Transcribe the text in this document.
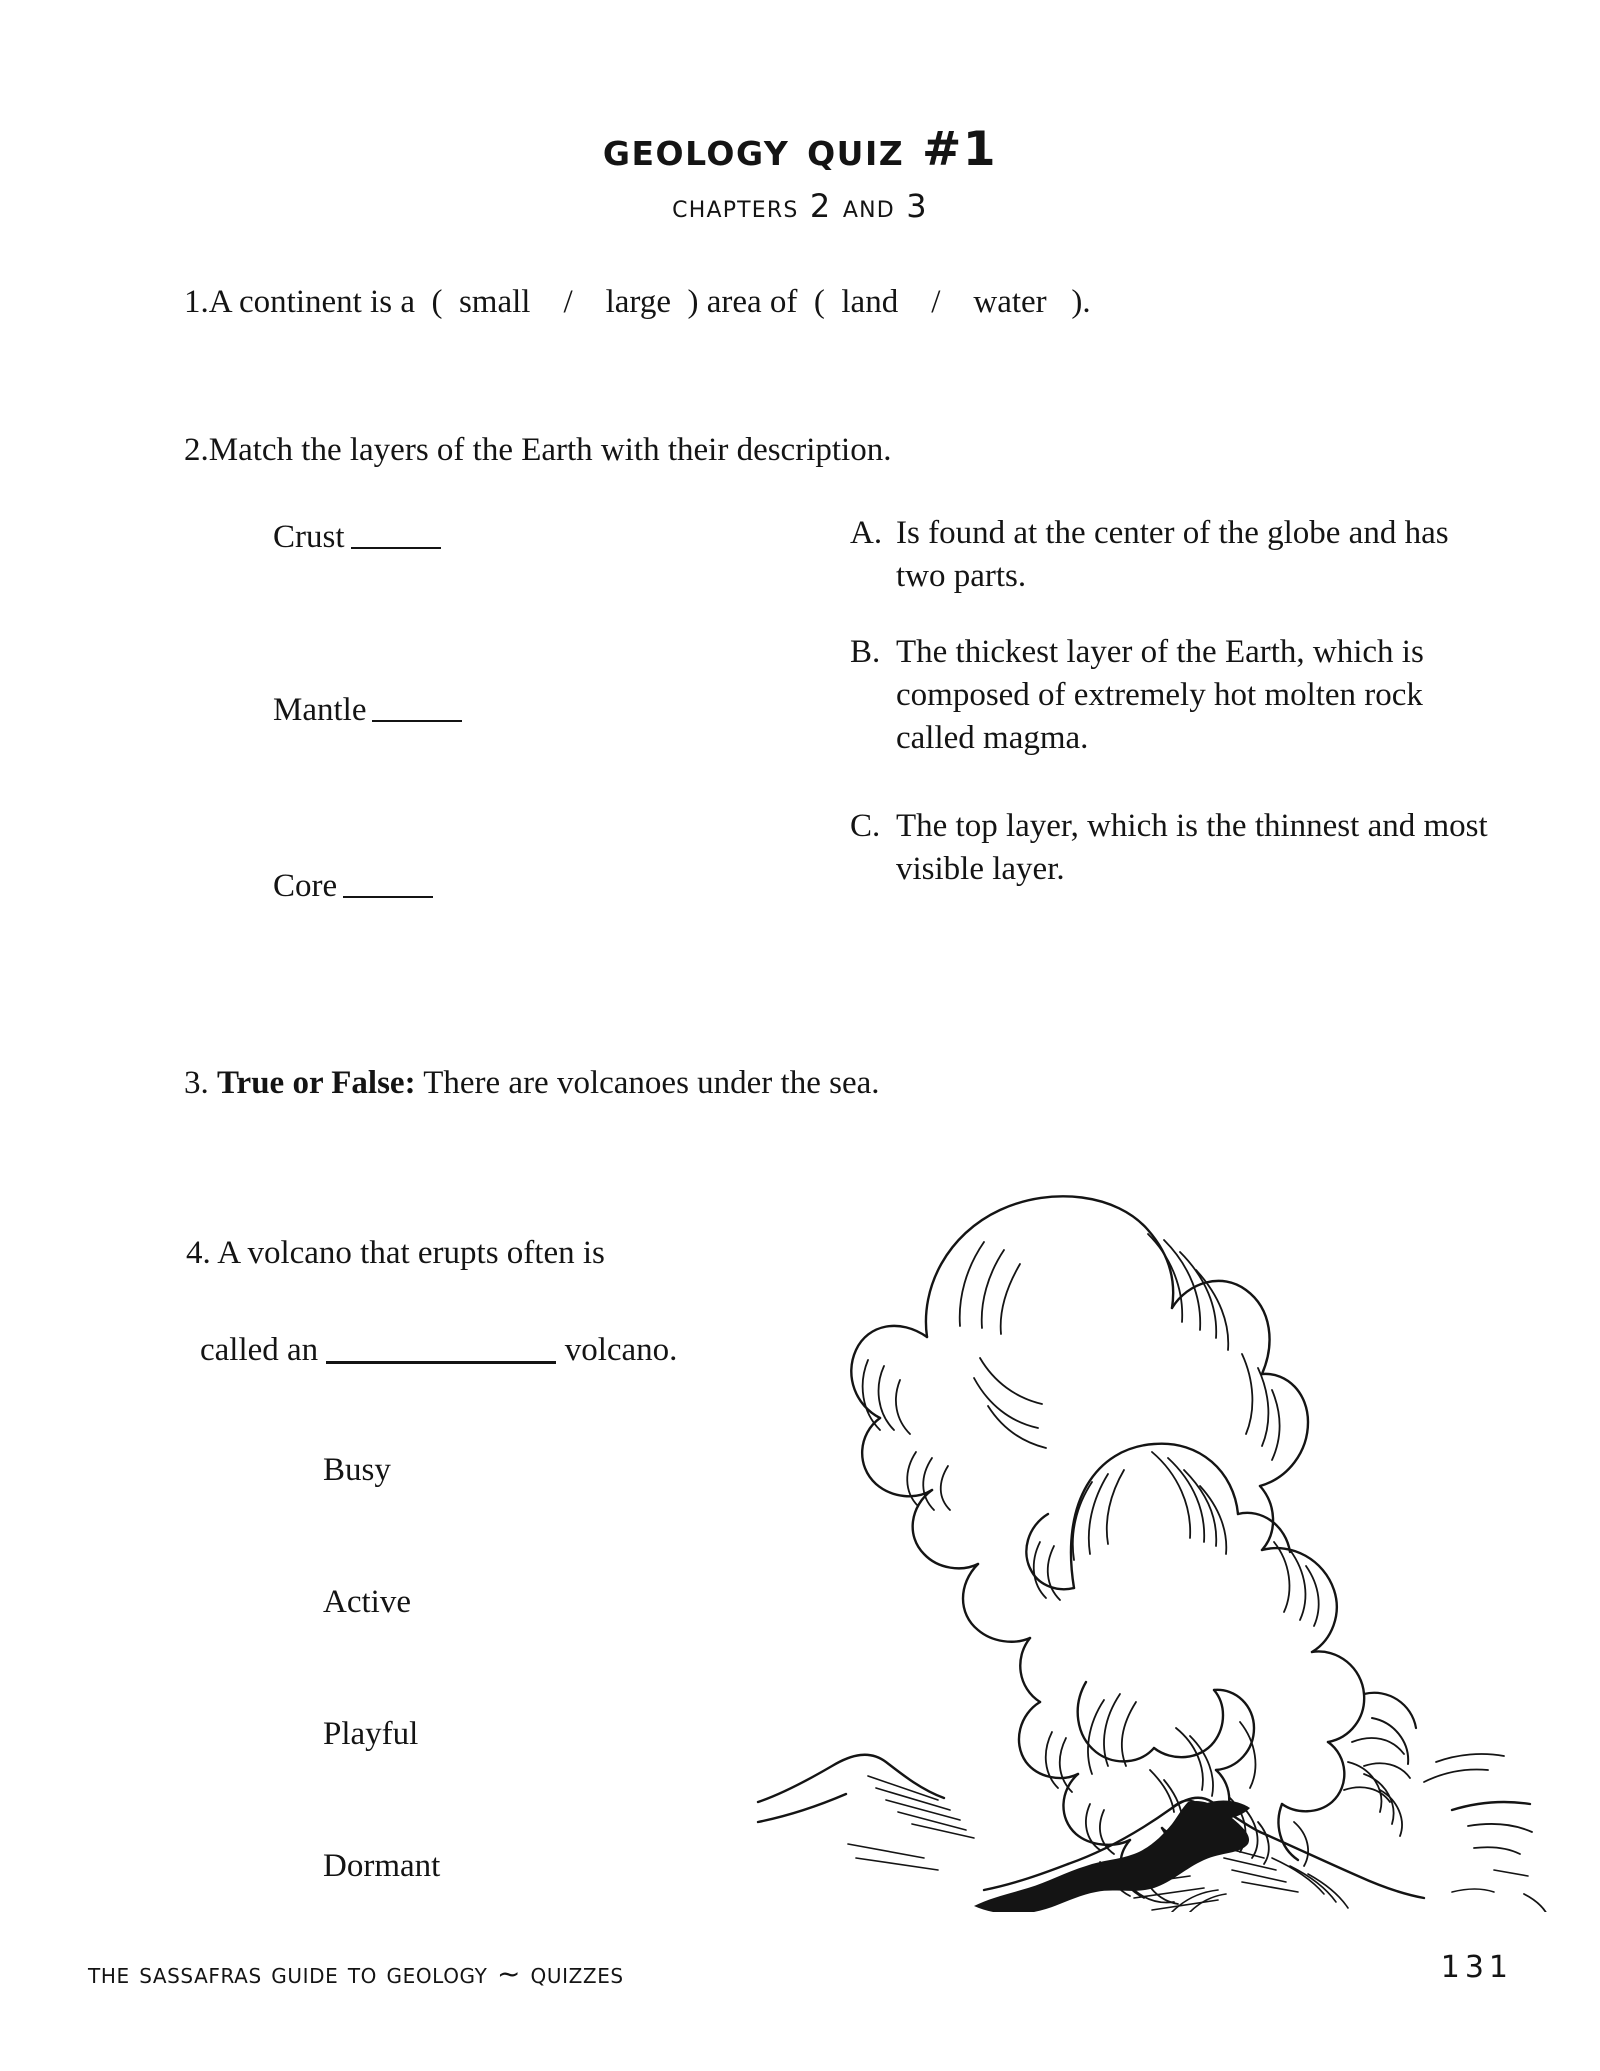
geology quiz #1
chapters 2 and 3
1.A continent is a  (  small    /    large  ) area of  (  land    /    water   ).
2.Match the layers of the Earth with their description.
Crust
Mantle
Core
A. Is found at the center of the globe and has two parts.
B. The thickest layer of the Earth, which is composed of extremely hot molten rock called magma.
C. The top layer, which is the thinnest and most visible layer.
3. True or False: There are volcanoes under the sea.
4. A volcano that erupts often is
called an	volcano.
Busy
Active
Playful
Dormant
the sassafras guide to geology ~ quizzes	131
